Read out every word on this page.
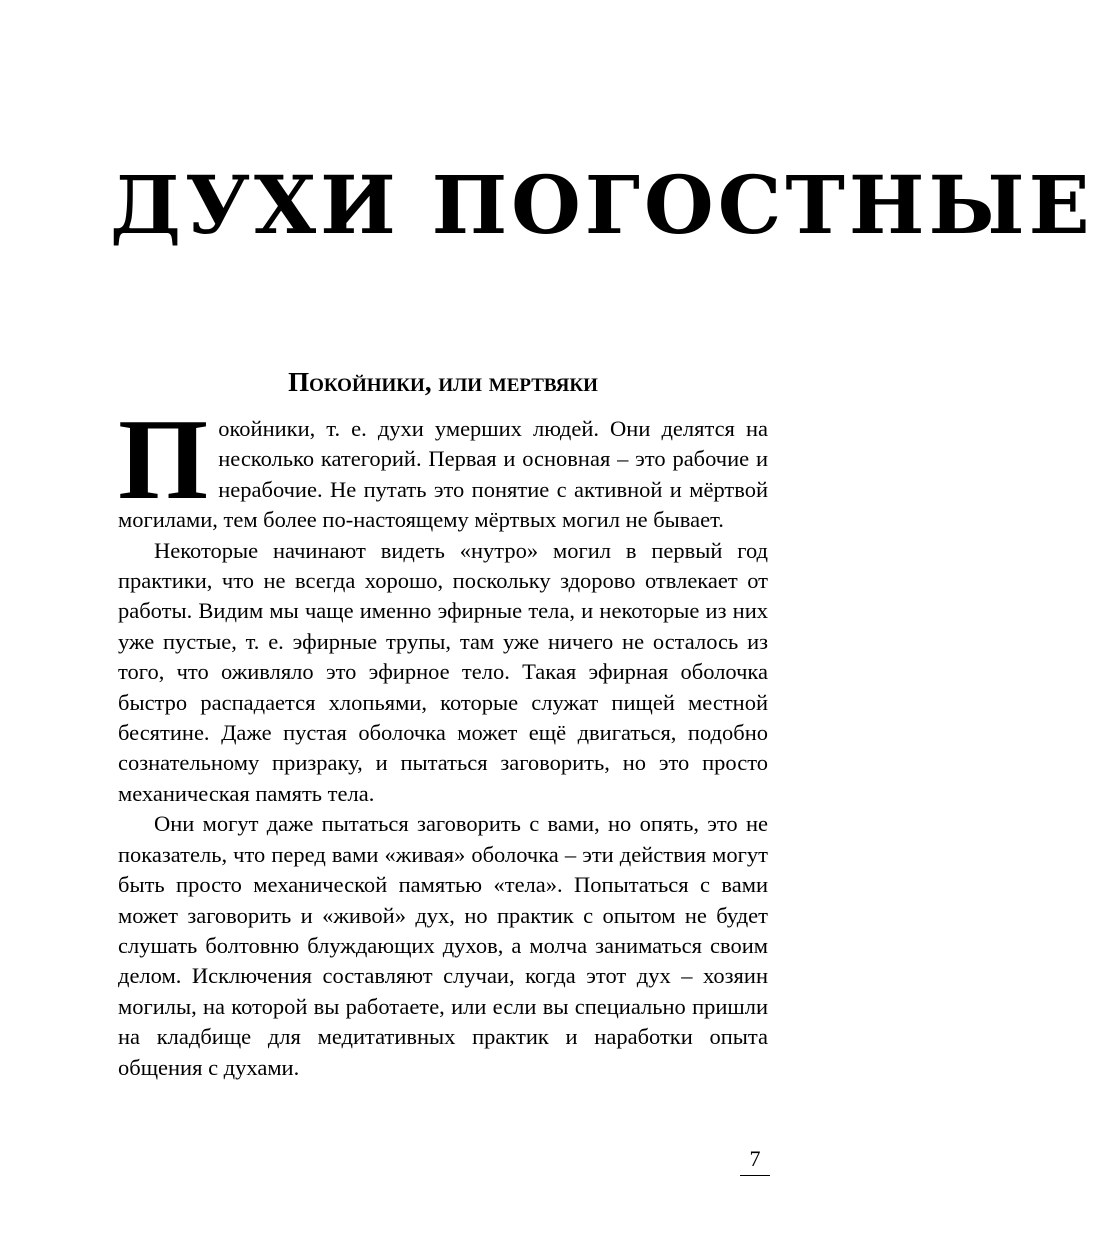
ДУХИ ПОГОСТНЫЕ
Покойники, или мертвяки

Покойники, т. е. духи умерших людей. Они делятся на несколько категорий. Первая и основная – это рабочие и нерабочие. Не путать это понятие с активной и мёртвой могилами, тем более по-настоящему мёртвых могил не бывает.

Некоторые начинают видеть «нутро» могил в первый год практики, что не всегда хорошо, поскольку здорово отвлекает от работы. Видим мы чаще именно эфирные тела, и некоторые из них уже пустые, т. е. эфирные трупы, там уже ничего не осталось из того, что оживляло это эфирное тело. Такая эфирная оболочка быстро распадается хлопьями, которые служат пищей местной бесятине. Даже пустая оболочка может ещё двигаться, подобно сознательному призраку, и пытаться заговорить, но это просто механическая память тела.

Они могут даже пытаться заговорить с вами, но опять, это не показатель, что перед вами «живая» оболочка – эти действия могут быть просто механической памятью «тела». Попытаться с вами может заговорить и «живой» дух, но практик с опытом не будет слушать болтовню блуждающих духов, а молча заниматься своим делом. Исключения составляют случаи, когда этот дух – хозяин могилы, на которой вы работаете, или если вы специально пришли на кладбище для медитативных практик и наработки опыта общения с духами.

7
